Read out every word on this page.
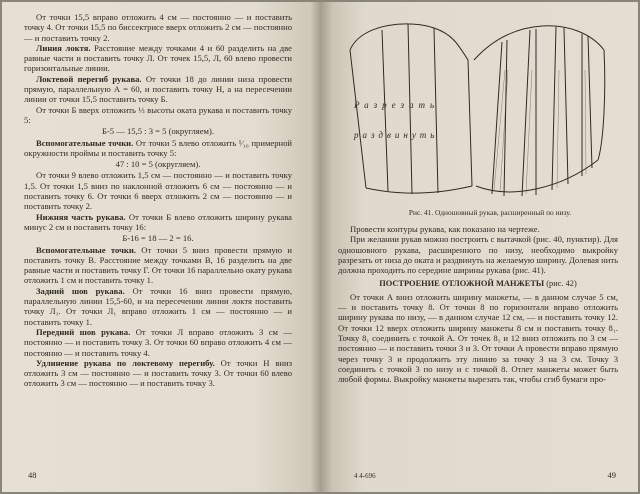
От точки 15,5 вправо отложить 4 см — постоянно — и поставить точку 4. От точки 15,5 по биссектрисе вверх отложить 2 см — постоянно — и поставить точку 2.

Линия локтя. Расстояние между точками 4 и 60 разделить на две равные части и поставить точку Л. От точек 15,5, Л, 60 влево провести горизонтальные линии.

Локтевой перегиб рукава. От точки 18 до линии низа провести прямую, параллельную А = 60, и поставить точку Н, а на пересечении линии от точки 15,5 поставить точку Б.

От точки Б вверх отложить ⅓ высоты оката рукава и поставить точку 5:

Б-5 — 15,5 : 3 = 5 (округляем).

Вспомогательные точки. От точки 5 влево отложить ¹⁄₁₀ примерной окружности проймы и поставить точку 5:

47 : 10 = 5 (округляем).

От точки 9 влево отложить 1,5 см — постоянно — и поставить точку 1,5. От точки 1,5 вниз по наклонной отложить 6 см — постоянно — и поставить точку 6. От точки 6 вверх отложить 2 см — постоянно — и поставить точку 2.

Нижняя часть рукава. От точки Б влево отложить ширину рукава минус 2 см и поставить точку 16:

Б-16 = 18 — 2 = 16.

Вспомогательные точки. От точки 5 вниз провести прямую и поставить точку В. Расстояние между точками В, 16 разделить на две равные части и поставить точку Г. От точки 16 параллельно окату рукава отложить 1 см и поставить точку 1.

Задний шов рукава. От точки 16 вниз провести прямую, параллельную линии 15,5-60, и на пересечении линии локтя поставить точку Л₁. От точки Л₁ вправо отложить 1 см — постоянно — и поставить точку 1.

Передний шов рукава. От точки Л вправо отложить 3 см — постоянно — и поставить точку 3. От точки 60 вправо отложить 4 см — постоянно — и поставить точку 4.

Удлинение рукава по локтевому перегибу. От точки Н вниз отложить 3 см — постоянно — и поставить точку 3. От точки 60 влево отложить 3 см — постоянно — и поставить точку 3.

48
Разрезать
раздвинуть
Рис. 41. Одношовный рукав, расширенный по низу.

Провести контуры рукава, как показано на чертеже.

При желании рукав можно построить с вытачкой (рис. 40, пунктир). Для одношовного рукава, расширенного по низу, необходимо выкройку разрезать от низа до оката и раздвинуть на желаемую ширину. Долевая нить должна проходить по середине ширины рукава (рис. 41).

ПОСТРОЕНИЕ ОТЛОЖНОЙ МАНЖЕТЫ (рис. 42)

От точки А вниз отложить ширину манжеты, — в данном случае 5 см, — и поставить точку 8. От точки 8 по горизонтали вправо отложить ширину рукава по низу, — в данном случае 12 см, — и поставить точку 12. От точки 12 вверх отложить ширину манжеты 8 см и поставить точку 8₁. Точку 8₁ соединить с точкой А. От точек 8₁ и 12 вниз отложить по 3 см — постоянно — и поставить точки 3 и 3. От точки А провести вправо прямую через точку 3 и продолжить эту линию за точку 3 на 3 см. Точку 3 соединить с точкой 3 по низу и с точкой 8. Отлет манжеты может быть любой формы. Выкройку манжеты вырезать так, чтобы сгиб бумаги про-

4 4-696	49
